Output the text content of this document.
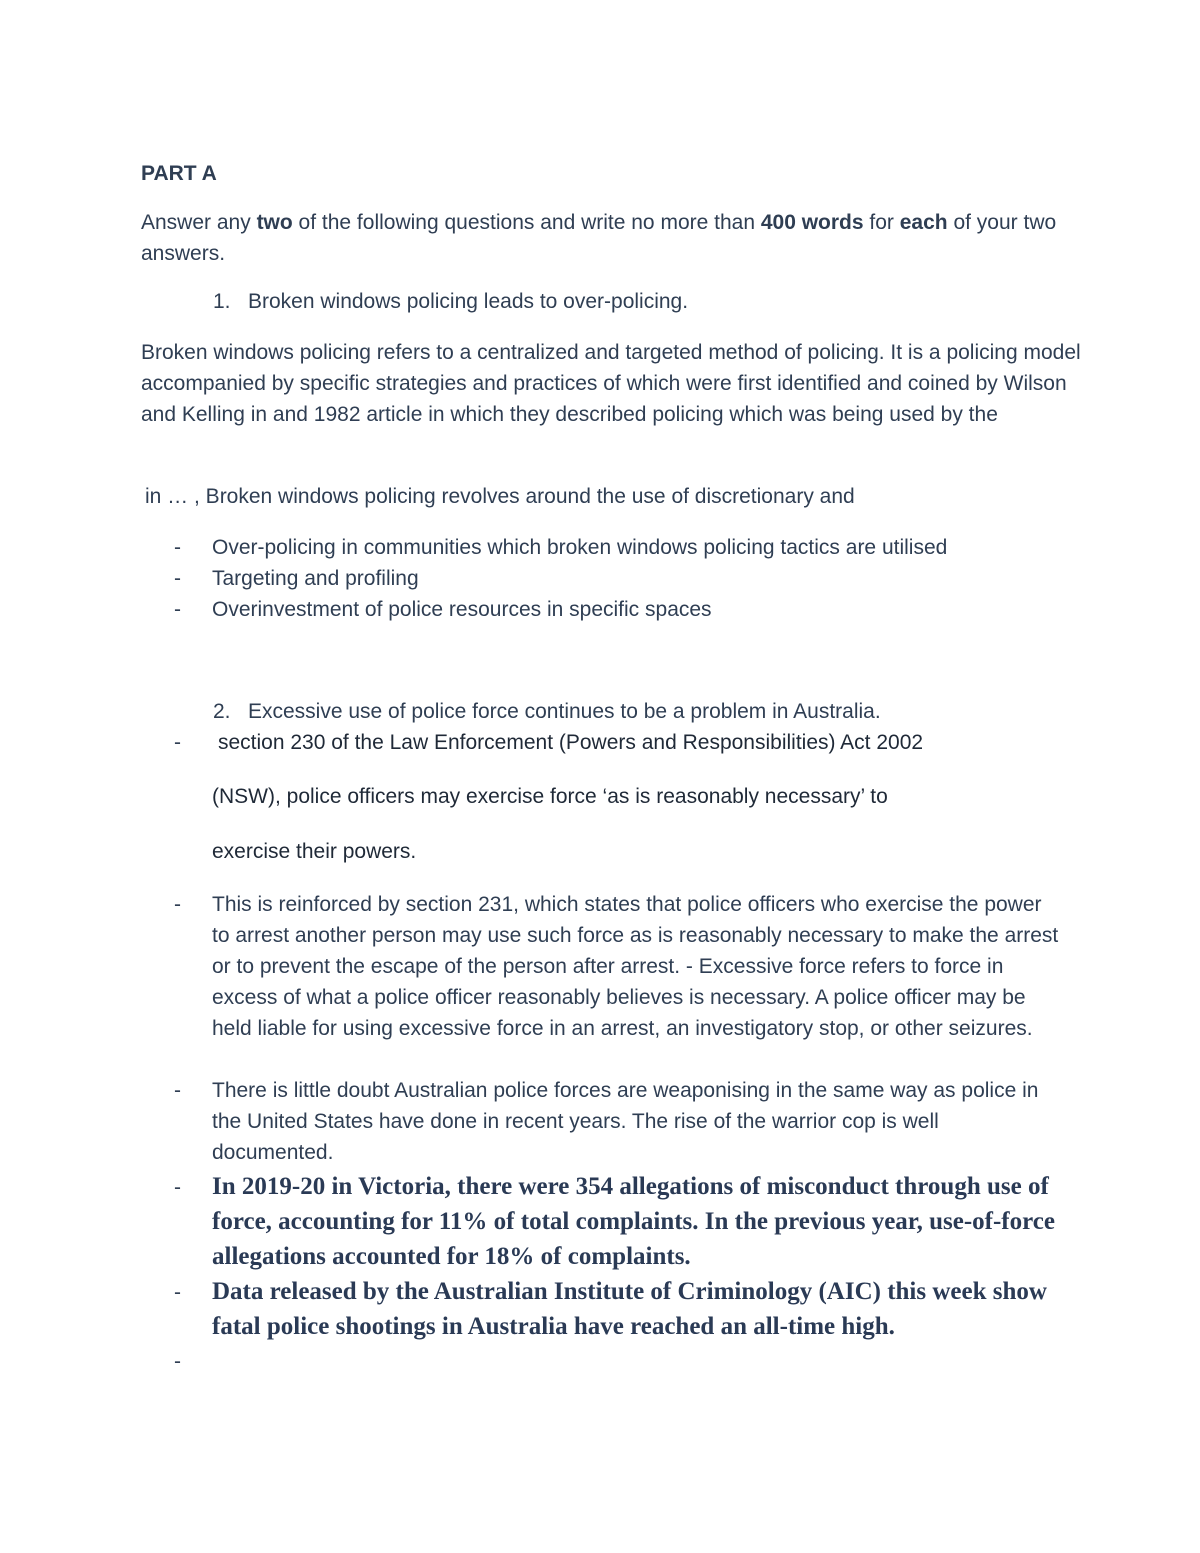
PART A
Answer any two of the following questions and write no more than 400 words for each of your two answers.
1. Broken windows policing leads to over-policing.
Broken windows policing refers to a centralized and targeted method of policing. It is a policing model accompanied by specific strategies and practices of which were first identified and coined by Wilson and Kelling in and 1982 article in which they described policing which was being used by the
in … , Broken windows policing revolves around the use of discretionary and
- Over-policing in communities which broken windows policing tactics are utilised
- Targeting and profiling
- Overinvestment of police resources in specific spaces
2. Excessive use of police force continues to be a problem in Australia.
- section 230 of the Law Enforcement (Powers and Responsibilities) Act 2002
(NSW), police officers may exercise force ‘as is reasonably necessary’ to
exercise their powers.
- This is reinforced by section 231, which states that police officers who exercise the power to arrest another person may use such force as is reasonably necessary to make the arrest or to prevent the escape of the person after arrest. - Excessive force refers to force in excess of what a police officer reasonably believes is necessary. A police officer may be held liable for using excessive force in an arrest, an investigatory stop, or other seizures.
- There is little doubt Australian police forces are weaponising in the same way as police in the United States have done in recent years. The rise of the warrior cop is well documented.
- In 2019-20 in Victoria, there were 354 allegations of misconduct through use of force, accounting for 11% of total complaints. In the previous year, use-of-force allegations accounted for 18% of complaints.
- Data released by the Australian Institute of Criminology (AIC) this week show fatal police shootings in Australia have reached an all-time high.
-
